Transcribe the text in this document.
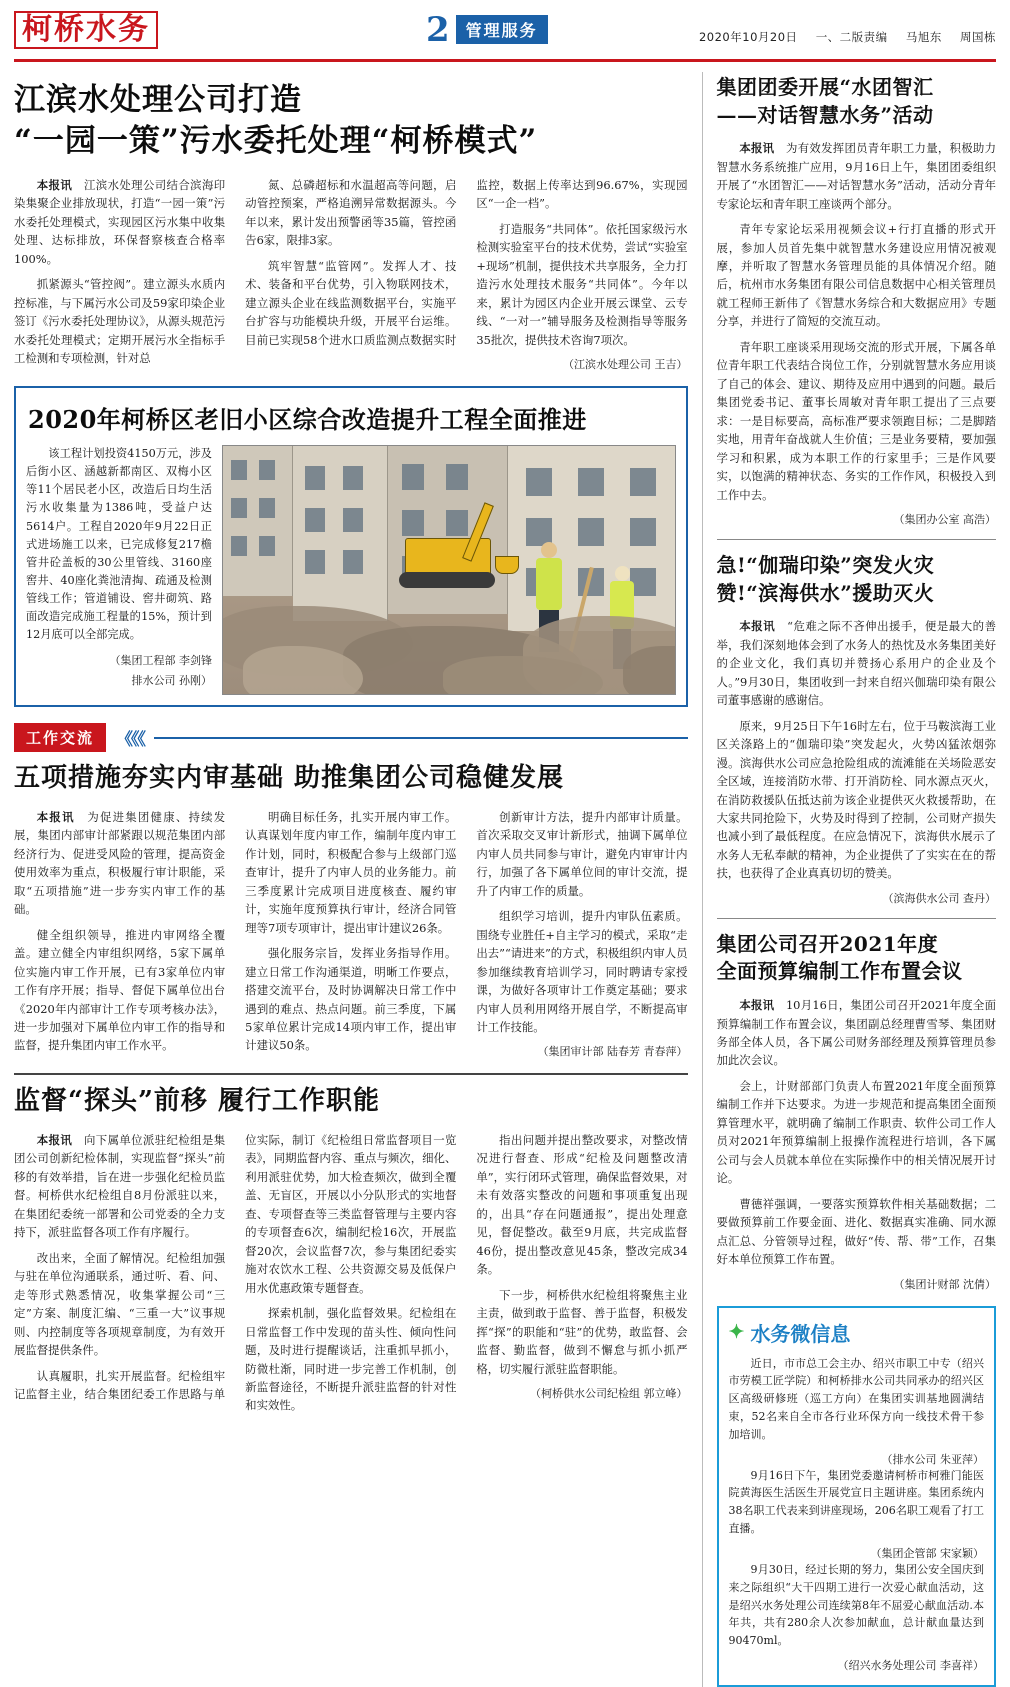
柯桥水务	2	管理服务	2020年10月20日 一、二版责编 马旭东 周国栋
江滨水处理公司打造
“一园一策”污水委托处理“柯桥模式”

本报讯　 江滨水处理公司结合滨海印染集聚企业排放现状，打造“一园一策”污水委托处理模式，实现园区污水集中收集处理、达标排放，环保督察核查合格率100%。

抓紧源头“管控阀”。建立源头水质内控标准，与下属污水公司及59家印染企业签订《污水委托处理协议》，从源头规范污水委托处理模式；定期开展污水全指标手工检测和专项检测，针对总

氮、总磷超标和水温超高等问题，启动管控预案，严格追溯异常数据源头。今年以来，累计发出预警函等35篇，管控函告6家，限排3家。

筑牢智慧“监管网”。发挥人才、技术、装备和平台优势，引入物联网技术，建立源头企业在线监测数据平台，实施平台扩容与功能模块升级，开展平台运维。目前已实现58个进水口质监测点数据实时监控，数据上传率达到96.67%，实现园区“一企一档”。

打造服务“共同体”。依托国家级污水检测实验室平台的技术优势，尝试“实验室+现场”机制，提供技术共享服务，全力打造污水处理技术服务“共同体”。今年以来，累计为园区内企业开展云课堂、云专线、“一对一”辅导服务及检测指导等服务35批次，提供技术咨询7项次。

（江滨水处理公司 王吉）

2020年柯桥区老旧小区综合改造提升工程全面推进

该工程计划投资4150万元，涉及后街小区、涵越新都南区、双梅小区等11个居民老小区，改造后日均生活污水收集量为1386吨，受益户达5614户。工程自2020年9月22日正式进场施工以来，已完成修复217檐管井砼盖板的30公里管线、3160座窖井、40座化粪池清掏、疏通及检测管线工作；管道铺设、窖井砌筑、路面改造完成施工程量的15%，预计到12月底可以全部完成。

（集团工程部 李剑锋

排水公司 孙刚）

工作交流	《《《
五项措施夯实内审基础 助推集团公司稳健发展

本报讯　 为促进集团健康、持续发展，集团内部审计部紧跟以规范集团内部经济行为、促进受风险的管理，提高资金使用效率为重点，积极履行审计职能，采取“五项措施”进一步夯实内审工作的基础。

健全组织领导，推进内审网络全覆盖。建立健全内审组织网络，5家下属单位实施内审工作开展，已有3家单位内审工作有序开展；指导、督促下属单位出台《2020年内部审计工作专项考核办法》，进一步加强对下属单位内审工作的指导和监督，提升集团内审工作水平。

明确目标任务，扎实开展内审工作。认真谋划年度内审工作，编制年度内审工作计划，同时，积极配合参与上级部门巡查审计，提升了内审人员的业务能力。前三季度累计完成项目进度核查、履约审计，实施年度预算执行审计，经济合同管理等7项专项审计，提出审计建议26条。

强化服务宗旨，发挥业务指导作用。建立日常工作沟通渠道，明晰工作要点，搭建交流平台，及时协调解决日常工作中遇到的难点、热点问题。前三季度，下属5家单位累计完成14项内审工作，提出审计建议50条。

创新审计方法，提升内部审计质量。首次采取交叉审计新形式，抽调下属单位内审人员共同参与审计，避免内审审计内行，加强了各下属单位间的审计交流，提升了内审工作的质量。

组织学习培训，提升内审队伍素质。围绕专业胜任+自主学习的模式，采取“走出去”“请进来”的方式，积极组织内审人员参加继续教育培训学习，同时聘请专家授课，为做好各项审计工作奠定基础；要求内审人员利用网络开展自学，不断提高审计工作技能。

（集团审计部 陆春芳 青春萍）

监督“探头”前移 履行工作职能

本报讯　 向下属单位派驻纪检组是集团公司创新纪检体制，实现监督“探头”前移的有效举措，旨在进一步强化纪检员监督。柯桥供水纪检组自8月份派驻以来，在集团纪委统一部署和公司党委的全力支持下，派驻监督各项工作有序履行。

改出来，全面了解情况。纪检组加强与驻在单位沟通联系，通过听、看、问、走等形式熟悉情况，收集掌握公司“三定”方案、制度汇编、“三重一大”议事规则、内控制度等各项规章制度，为有效开展监督提供条件。

认真履职，扎实开展监督。纪检组牢记监督主业，结合集团纪委工作思路与单位实际，制订《纪检组日常监督项目一览表》，同期监督内容、重点与频次，细化、利用派驻优势，加大检查频次，做到全覆盖、无盲区，开展以小分队形式的实地督查、专项督查等三类监督管理与主要内容的专项督查6次，编制纪检16次，开展监督20次，会议监督7次，参与集团纪委实施对农饮水工程、公共资源交易及低保户用水优惠政策专题督查。

探索机制，强化监督效果。纪检组在日常监督工作中发现的苗头性、倾向性问题，及时进行提醒谈话，注重抓早抓小，防微杜渐，同时进一步完善工作机制，创新监督途径，不断提升派驻监督的针对性和实效性。

指出问题并提出整改要求，对整改情况进行督查、形成“纪检及问题整改清单”，实行闭环式管理，确保监督效果，对未有效落实整改的问题和事项重复出现的，出具“存在问题通报”，提出处理意见，督促整改。截至9月底，共完成监督46份，提出整改意见45条，整改完成34条。

下一步，柯桥供水纪检组将聚焦主业主责，做到敢于监督、善于监督，积极发挥“探”的职能和“驻”的优势，敢监督、会监督、勤监督，做到不懈怠与抓小抓严格，切实履行派驻监督职能。

（柯桥供水公司纪检组 郭立峰）

集团团委开展“水团智汇
——对话智慧水务”活动

本报讯　 为有效发挥团员青年职工力量，积极助力智慧水务系统推广应用，9月16日上午，集团团委组织开展了“水团智汇——对话智慧水务”活动，活动分青年专家论坛和青年职工座谈两个部分。

青年专家论坛采用视频会议+行打直播的形式开展，参加人员首先集中就智慧水务建设应用情况被观摩，并听取了智慧水务管理员能的具体情况介绍。随后，杭州市水务集团有限公司信息数据中心相关管理员就工程师王新伟了《智慧水务综合和大数据应用》专题分享，并进行了简短的交流互动。

青年职工座谈采用现场交流的形式开展，下属各单位青年职工代表结合岗位工作，分别就智慧水务应用谈了自己的体会、建议、期待及应用中遇到的问题。最后集团党委书记、董事长周敏对青年职工提出了三点要求：一是目标要高，高标准严要求领跑目标；二是脚踏实地，用青年奋战就人生价值；三是业务要精，要加强学习和积累，成为本职工作的行家里手；三是作风要实，以饱满的精神状态、务实的工作作风，积极投入到工作中去。

（集团办公室 高浩）

急!“伽瑞印染”突发火灾
赞!“滨海供水”援助灭火

本报讯　 “危难之际不吝伸出援手，便是最大的善举，我们深刻地体会到了水务人的热忱及水务集团美好的企业文化，我们真切并赞扬心系用户的企业及个人。”9月30日，集团收到一封来自绍兴伽瑞印染有限公司董事感谢的感谢信。

原来，9月25日下午16时左右，位于马鞍滨海工业区关涤路上的“伽瑞印染”突发起火，火势凶猛浓烟弥漫。滨海供水公司应急抢险组成的流滩能在关场险恶安全区域，连接消防水带、打开消防栓、同水源点灭火，在消防救援队伍抵达前为该企业提供灭火救援帮助，在大家共同抢险下，火势及时得到了控制，公司财产损失也减小到了最低程度。在应急情况下，滨海供水展示了水务人无私奉献的精神，为企业提供了了实实在在的帮扶，也获得了企业真真切切的赞美。

（滨海供水公司 查丹）

集团公司召开2021年度
全面预算编制工作布置会议

本报讯　 10月16日，集团公司召开2021年度全面预算编制工作布置会议，集团副总经理曹雪琴、集团财务部全体人员，各下属公司财务部经理及预算管理员参加此次会议。

会上，计财部部门负责人布置2021年度全面预算编制工作并下达要求。为进一步规范和提高集团全面预算管理水平，就明确了编制工作职责、软件公司工作人员对2021年预算编制上报操作流程进行培训，各下属公司与会人员就本单位在实际操作中的相关情况展开讨论。

曹德祥强调，一要落实预算软件相关基础数据；二要做预算前工作要金面、进化、数据真实准确、同水源点汇总、分管领导过程，做好“传、帮、带”工作，召集好本单位预算工作布置。

（集团计财部 沈倩）

✦ 水务微信息

近日，市市总工会主办、绍兴市职工中专（绍兴市劳模工匠学院）和柯桥排水公司共同承办的绍兴区区高级研修班（巡工方向）在集团实训基地圆满结束，52名来自全市各行业环保方向一线技术骨干参加培训。

（排水公司 朱亚萍）

9月16日下午，集团党委邀请柯桥市柯雅门能医院黄海医生活医生开展党宣日主题讲座。集团系统内38名职工代表来到讲座现场，206名职工观看了打工直播。

（集团企管部 宋家颖）

9月30日，经过长期的努力，集团公安全国庆到来之际组织“大干四期工进行一次爱心献血活动，这是绍兴水务处理公司连续第8年不屈爱心献血活动.本年共，共有280余人次参加献血，总计献血量达到90470ml。

（绍兴水务处理公司 李喜祥）
